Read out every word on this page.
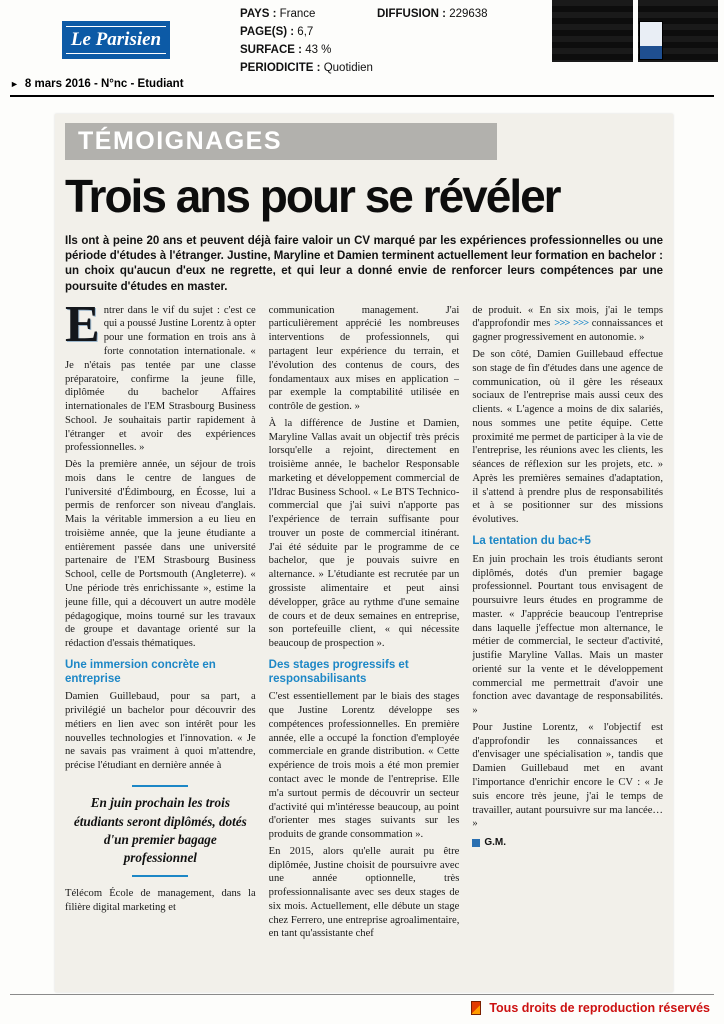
Le Parisien
PAYS : France
PAGE(S) : 6,7
SURFACE : 43 %
PERIODICITE : Quotidien
DIFFUSION : 229638
► 8 mars 2016 - N°nc - Etudiant
TÉMOIGNAGES
Trois ans pour se révéler

Ils ont à peine 20 ans et peuvent déjà faire valoir un CV marqué par les expériences professionnelles ou une période d'études à l'étranger. Justine, Maryline et Damien terminent actuellement leur formation en bachelor : un choix qu'aucun d'eux ne regrette, et qui leur a donné envie de renforcer leurs compétences par une poursuite d'études en master.

Entrer dans le vif du sujet : c'est ce qui a poussé Justine Lorentz à opter pour une formation en trois ans à forte connotation internationale. « Je n'étais pas tentée par une classe préparatoire, confirme la jeune fille, diplômée du bachelor Affaires internationales de l'EM Strasbourg Business School. Je souhaitais partir rapidement à l'étranger et avoir des expériences professionnelles. »

Dès la première année, un séjour de trois mois dans le centre de langues de l'université d'Édimbourg, en Écosse, lui a permis de renforcer son niveau d'anglais. Mais la véritable immersion a eu lieu en troisième année, que la jeune étudiante a entièrement passée dans une université partenaire de l'EM Strasbourg Business School, celle de Portsmouth (Angleterre). « Une période très enrichissante », estime la jeune fille, qui a découvert un autre modèle pédagogique, moins tourné sur les travaux de groupe et davantage orienté sur la rédaction d'essais thématiques.

Une immersion concrète en entreprise

Damien Guillebaud, pour sa part, a privilégié un bachelor pour découvrir des métiers en lien avec son intérêt pour les nouvelles technologies et l'innovation. « Je ne savais pas vraiment à quoi m'attendre, précise l'étudiant en dernière année à

En juin prochain les trois étudiants seront diplômés, dotés d'un premier bagage professionnel

Télécom École de management, dans la filière digital marketing et

communication management. J'ai particulièrement apprécié les nombreuses interventions de professionnels, qui partagent leur expérience du terrain, et l'évolution des contenus de cours, des fondamentaux aux mises en application – par exemple la comptabilité utilisée en contrôle de gestion. »

À la différence de Justine et Damien, Maryline Vallas avait un objectif très précis lorsqu'elle a rejoint, directement en troisième année, le bachelor Responsable marketing et développement commercial de l'Idrac Business School. « Le BTS Technico-commercial que j'ai suivi n'apporte pas l'expérience de terrain suffisante pour trouver un poste de commercial itinérant. J'ai été séduite par le programme de ce bachelor, que je pouvais suivre en alternance. » L'étudiante est recrutée par un grossiste alimentaire et peut ainsi développer, grâce au rythme d'une semaine de cours et de deux semaines en entreprise, son portefeuille client, « qui nécessite beaucoup de prospection ».

Des stages progressifs et responsabilisants

C'est essentiellement par le biais des stages que Justine Lorentz développe ses compétences professionnelles. En première année, elle a occupé la fonction d'employée commerciale en grande distribution. « Cette expérience de trois mois a été mon premier contact avec le monde de l'entreprise. Elle m'a surtout permis de découvrir un secteur d'activité qui m'intéresse beaucoup, au point d'orienter mes stages suivants sur les produits de grande consommation ».

En 2015, alors qu'elle aurait pu être diplômée, Justine choisit de poursuivre avec une année optionnelle, très professionnalisante avec ses deux stages de six mois. Actuellement, elle débute un stage chez Ferrero, une entreprise agroalimentaire, en tant qu'assistante chef

de produit. « En six mois, j'ai le temps d'approfondir mes >>> >>> connaissances et gagner progressivement en autonomie. »

De son côté, Damien Guillebaud effectue son stage de fin d'études dans une agence de communication, où il gère les réseaux sociaux de l'entreprise mais aussi ceux des clients. « L'agence a moins de dix salariés, nous sommes une petite équipe. Cette proximité me permet de participer à la vie de l'entreprise, les réunions avec les clients, les séances de réflexion sur les projets, etc. » Après les premières semaines d'adaptation, il s'attend à prendre plus de responsabilités et à se positionner sur des missions évolutives.

La tentation du bac+5

En juin prochain les trois étudiants seront diplômés, dotés d'un premier bagage professionnel. Pourtant tous envisagent de poursuivre leurs études en programme de master. « J'apprécie beaucoup l'entreprise dans laquelle j'effectue mon alternance, le métier de commercial, le secteur d'activité, justifie Maryline Vallas. Mais un master orienté sur la vente et le développement commercial me permettrait d'avoir une fonction avec davantage de responsabilités. »

Pour Justine Lorentz, « l'objectif est d'approfondir les connaissances et d'envisager une spécialisation », tandis que Damien Guillebaud met en avant l'importance d'enrichir encore le CV : « Je suis encore très jeune, j'ai le temps de travailler, autant poursuivre sur ma lancée… »

G.M.
Tous droits de reproduction réservés
